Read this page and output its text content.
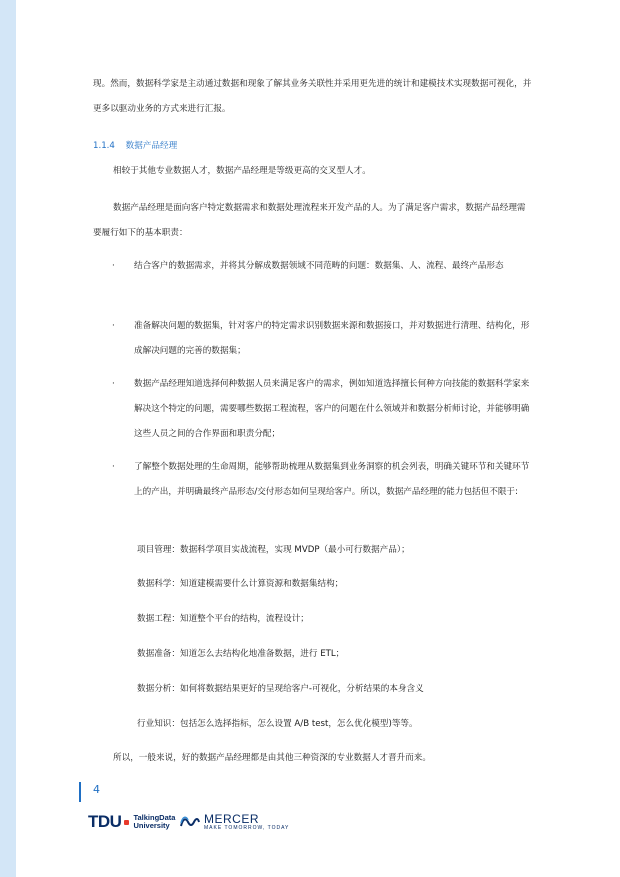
现。然而，数据科学家是主动通过数据和现象了解其业务关联性并采用更先进的统计和建模技术实现数据可视化，并更多以驱动业务的方式来进行汇报。

1.1.4 数据产品经理

相较于其他专业数据人才，数据产品经理是等级更高的交叉型人才。

数据产品经理是面向客户特定数据需求和数据处理流程来开发产品的人。为了满足客户需求，数据产品经理需要履行如下的基本职责：

· 结合客户的数据需求，并将其分解成数据领域不同范畴的问题：数据集、人、流程、最终产品形态

· 准备解决问题的数据集，针对客户的特定需求识别数据来源和数据接口，并对数据进行清理、结构化，形成解决问题的完善的数据集；

· 数据产品经理知道选择何种数据人员来满足客户的需求，例如知道选择擅长何种方向技能的数据科学家来解决这个特定的问题，需要哪些数据工程流程，客户的问题在什么领域并和数据分析师讨论，并能够明确这些人员之间的合作界面和职责分配；

· 了解整个数据处理的生命周期，能够帮助梳理从数据集到业务洞察的机会列表，明确关键环节和关键环节上的产出，并明确最终产品形态/交付形态如何呈现给客户。所以，数据产品经理的能力包括但不限于:

项目管理：数据科学项目实战流程，实现 MVDP（最小可行数据产品）；

数据科学：知道建模需要什么计算资源和数据集结构；

数据工程：知道整个平台的结构，流程设计；

数据准备：知道怎么去结构化地准备数据，进行 ETL；

数据分析：如何将数据结果更好的呈现给客户-可视化，分析结果的本身含义

行业知识：包括怎么选择指标，怎么设置 A/B test，怎么优化模型)等等。

所以，一般来说，好的数据产品经理都是由其他三种资深的专业数据人才晋升而来。

4
TDU TalkingData
University	MERCER
MAKE TOMORROW, TODAY
